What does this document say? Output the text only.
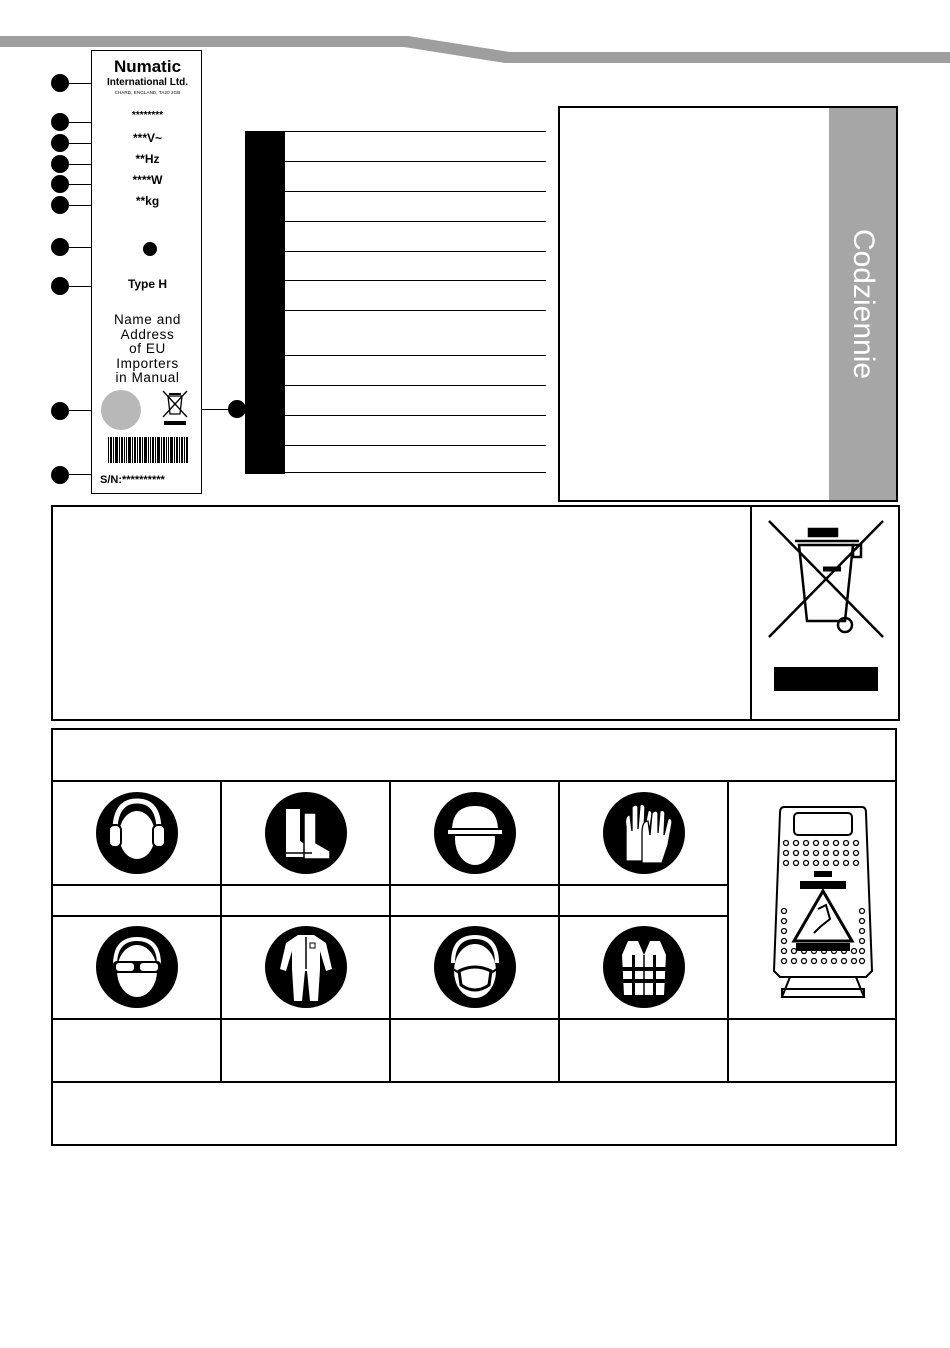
Numatic
International Ltd.
CHARD, ENGLAND, TA20 2GB
********
***V~
**Hz
****W
**kg
Type H
Name and
Address
of EU
Importers
in Manual
S/N:**********
Codziennie
